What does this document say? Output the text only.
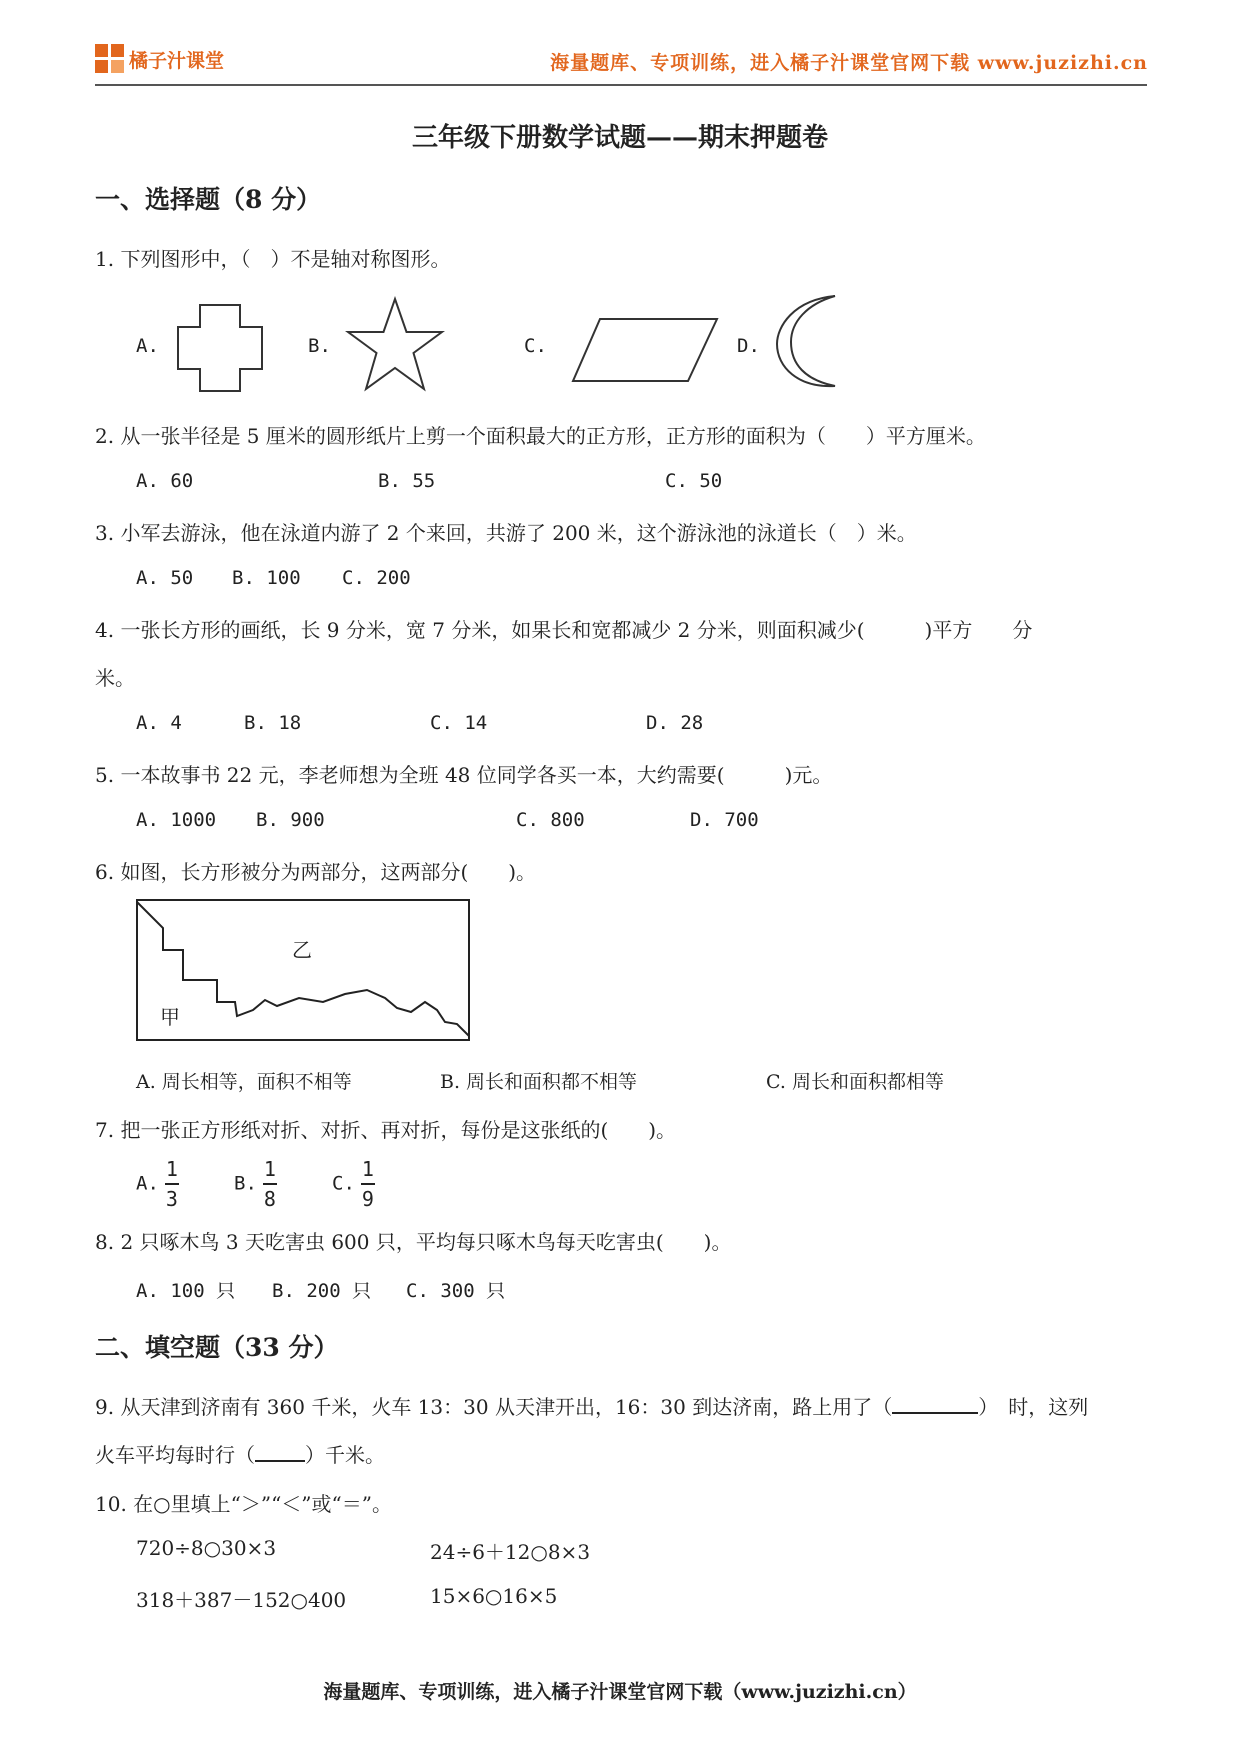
橘子汁课堂	海量题库、专项训练，进入橘子汁课堂官网下载 www.juzizhi.cn
三年级下册数学试题——期末押题卷
一、选择题（8 分）
1. 下列图形中，（　）不是轴对称图形。
A.	B.	C.	D.
2. 从一张半径是 5 厘米的圆形纸片上剪一个面积最大的正方形，正方形的面积为（　　）平方厘米。
A. 60	B. 55	C. 50
3. 小军去游泳，他在泳道内游了 2 个来回，共游了 200 米，这个游泳池的泳道长（　）米。
A. 50 B. 100 C. 200
4. 一张长方形的画纸，长 9 分米，宽 7 分米，如果长和宽都减少 2 分米，则面积减少(　　　)平方　　分
米。
A. 4	B. 18	C. 14	D. 28
5. 一本故事书 22 元，李老师想为全班 48 位同学各买一本，大约需要(　　　)元。
A. 1000 B. 900	C. 800	D. 700
6. 如图，长方形被分为两部分，这两部分(　　)。
乙
甲
A. 周长相等，面积不相等	B. 周长和面积都不相等	C. 周长和面积都相等
7. 把一张正方形纸对折、对折、再对折，每份是这张纸的(　　)。
A. $\frac{1}{3}$	B. $\frac{1}{8}$	C. $\frac{1}{9}$
8. 2 只啄木鸟 3 天吃害虫 600 只，平均每只啄木鸟每天吃害虫(　　)。
A. 100 只 B. 200 只 C. 300 只
二、填空题（33 分）
9. 从天津到济南有 360 千米，火车 13：30 从天津开出，16：30 到达济南，路上用了（	）　时，这列
火车平均每时行（	）千米。
10. 在○里填上“＞”“＜”或“＝”。
720÷8○30×3	24÷6＋12○8×3
318＋387－152○400	15×6○16×5
海量题库、专项训练，进入橘子汁课堂官网下载（www.juzizhi.cn）
